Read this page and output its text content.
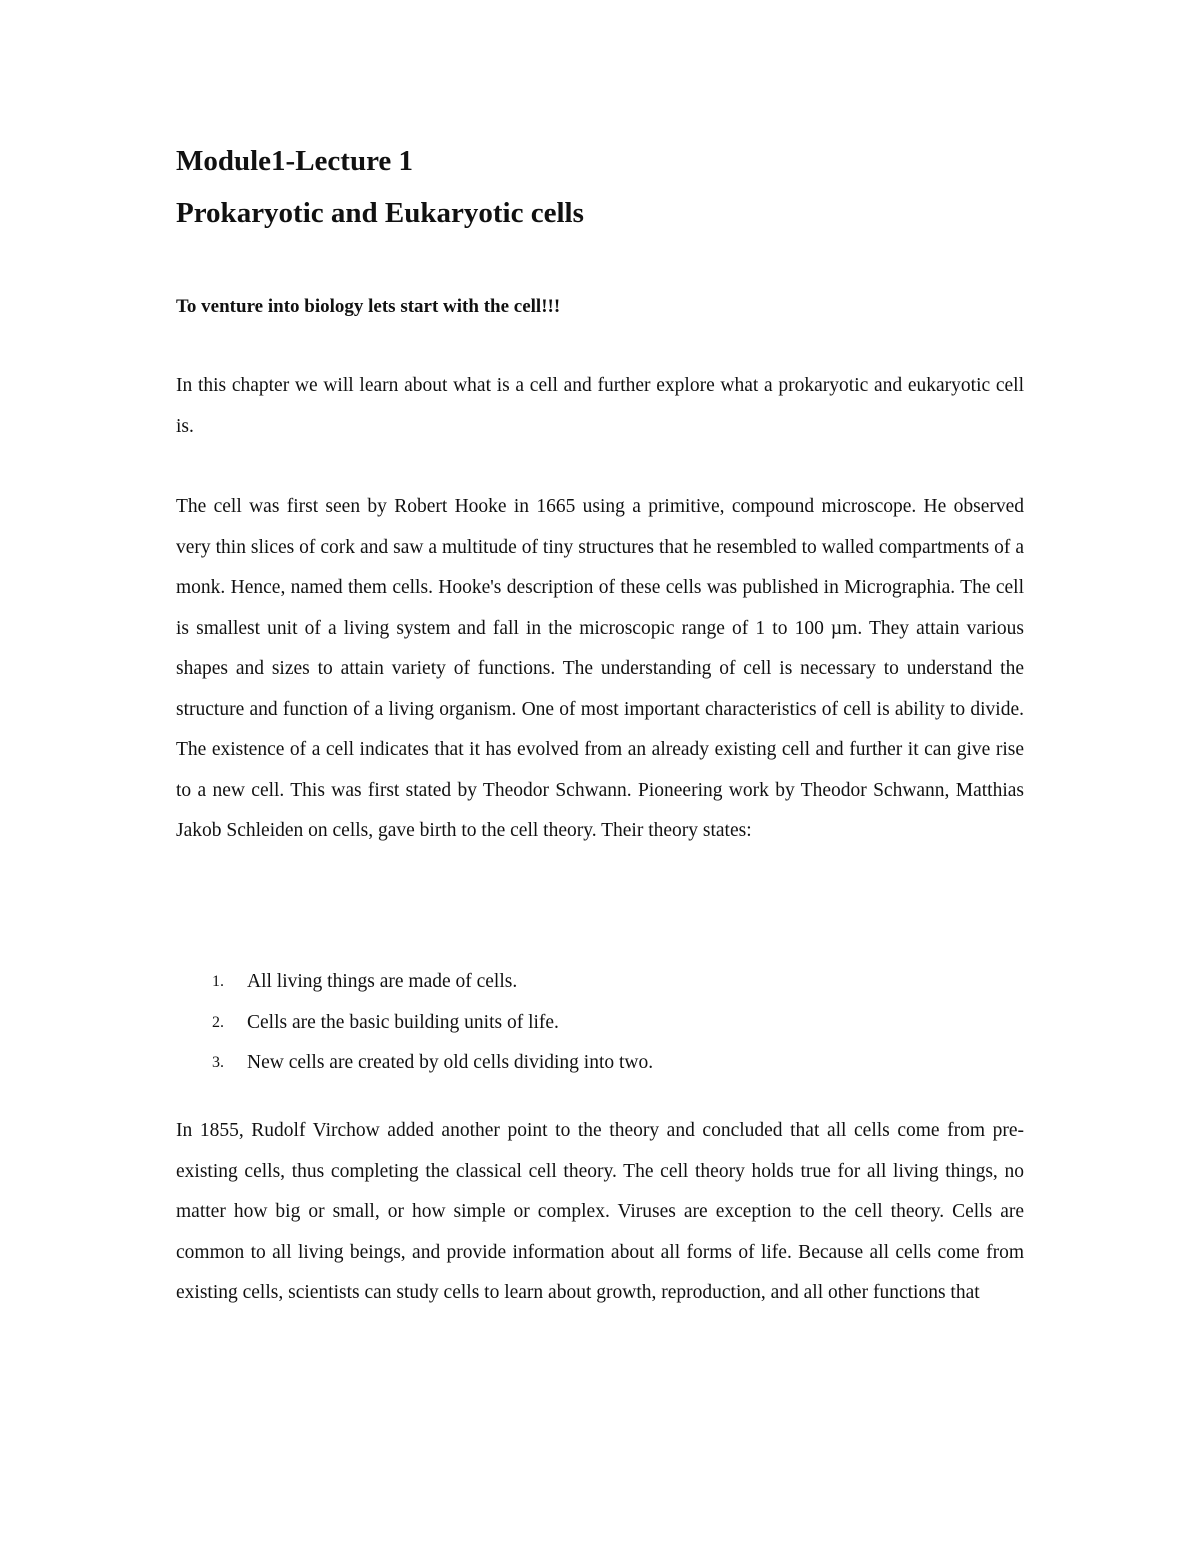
Module1-Lecture 1
Prokaryotic and Eukaryotic cells

To venture into biology lets start with the cell!!!

In this chapter we will learn about what is a cell and further explore what a prokaryotic and eukaryotic cell is.

The cell was first seen by Robert Hooke in 1665 using a primitive, compound microscope. He observed very thin slices of cork and saw a multitude of tiny structures that he resembled to walled compartments of a monk. Hence, named them cells. Hooke's description of these cells was published in Micrographia. The cell is smallest unit of a living system and fall in the microscopic range of 1 to 100 µm. They attain various shapes and sizes to attain variety of functions. The understanding of cell is necessary to understand the structure and function of a living organism. One of most important characteristics of cell is ability to divide. The existence of a cell indicates that it has evolved from an already existing cell and further it can give rise to a new cell. This was first stated by Theodor Schwann. Pioneering work by Theodor Schwann, Matthias Jakob Schleiden on cells, gave birth to the cell theory. Their theory states:

1. All living things are made of cells.
2. Cells are the basic building units of life.
3. New cells are created by old cells dividing into two.

In 1855, Rudolf Virchow added another point to the theory and concluded that all cells come from pre-existing cells, thus completing the classical cell theory. The cell theory holds true for all living things, no matter how big or small, or how simple or complex. Viruses are exception to the cell theory. Cells are common to all living beings, and provide information about all forms of life. Because all cells come from existing cells, scientists can study cells to learn about growth, reproduction, and all other functions that
